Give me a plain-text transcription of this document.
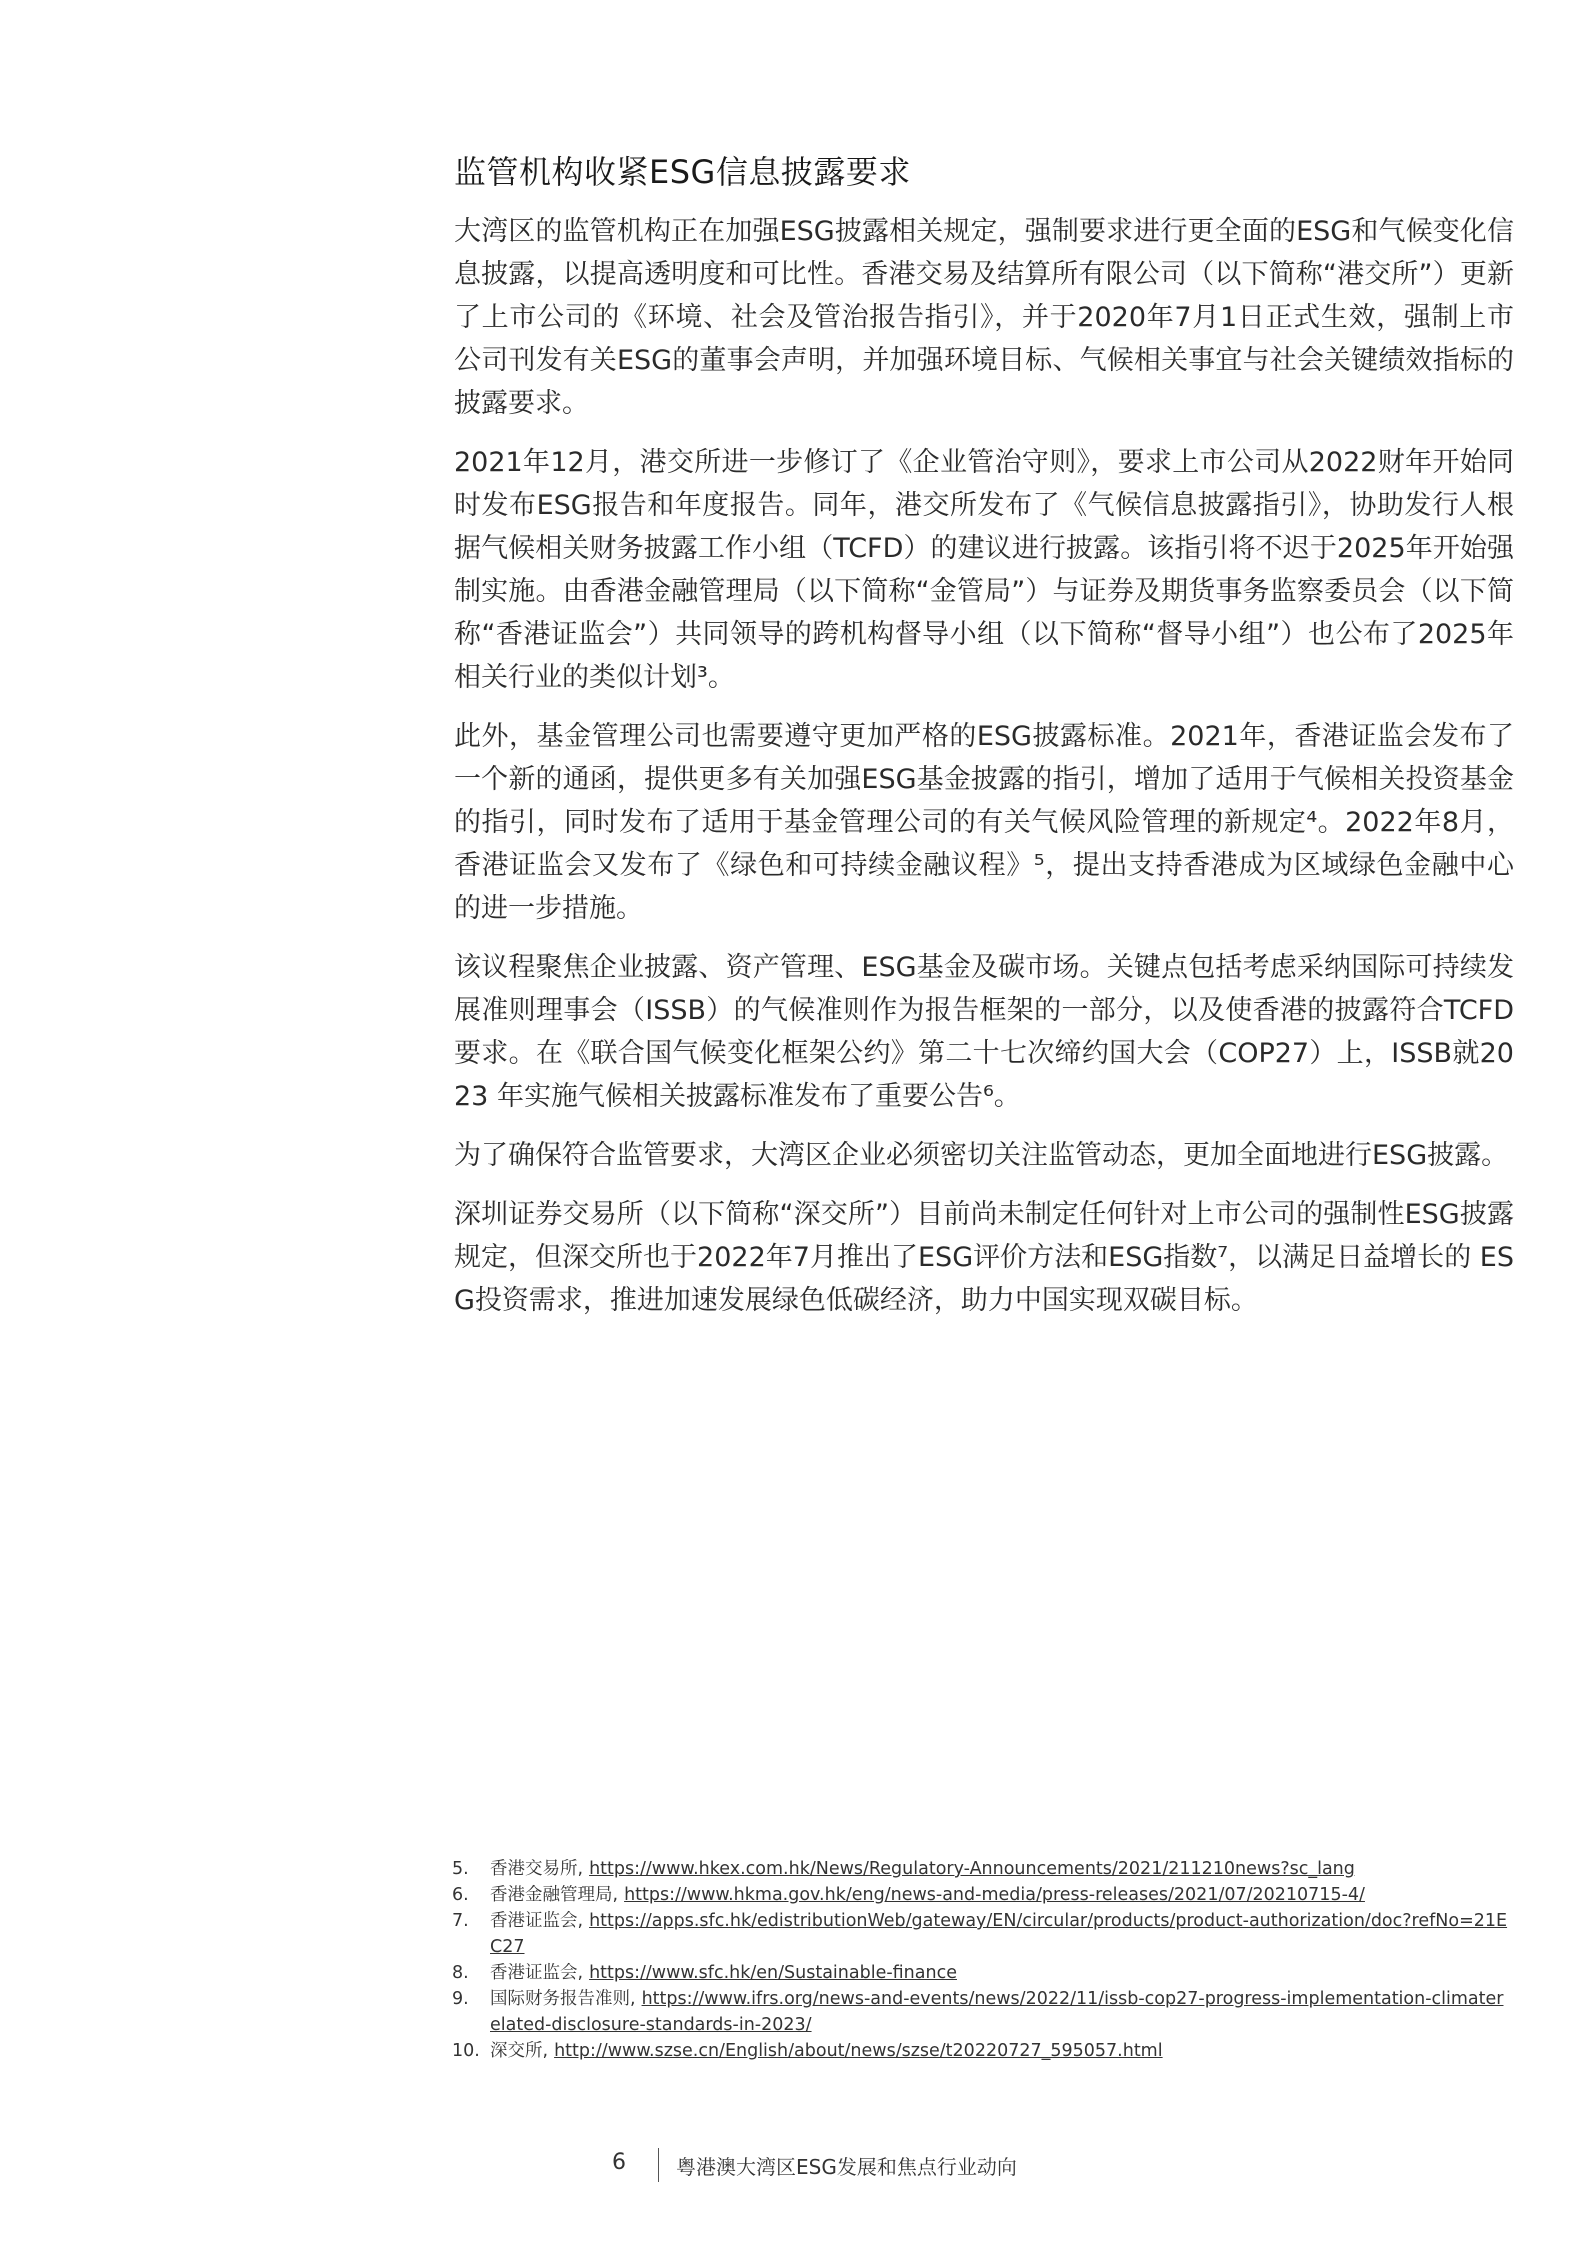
监管机构收紧ESG信息披露要求

大湾区的监管机构正在加强ESG披露相关规定，强制要求进行更全面的ESG和气候变化信息披露，以提高透明度和可比性。香港交易及结算所有限公司（以下简称“港交所”）更新了上市公司的《环境、社会及管治报告指引》，并于2020年7月1日正式生效，强制上市公司刊发有关ESG的董事会声明，并加强环境目标、气候相关事宜与社会关键绩效指标的披露要求。

2021年12月，港交所进一步修订了《企业管治守则》，要求上市公司从2022财年开始同时发布ESG报告和年度报告。同年，港交所发布了《气候信息披露指引》，协助发行人根据气候相关财务披露工作小组（TCFD）的建议进行披露。该指引将不迟于2025年开始强制实施。由香港金融管理局（以下简称“金管局”）与证券及期货事务监察委员会（以下简称“香港证监会”）共同领导的跨机构督导小组（以下简称“督导小组”）也公布了2025年相关行业的类似计划³。

此外，基金管理公司也需要遵守更加严格的ESG披露标准。2021年，香港证监会发布了一个新的通函，提供更多有关加强ESG基金披露的指引，增加了适用于气候相关投资基金的指引，同时发布了适用于基金管理公司的有关气候风险管理的新规定⁴。2022年8月，香港证监会又发布了《绿色和可持续金融议程》⁵，提出支持香港成为区域绿色金融中心的进一步措施。

该议程聚焦企业披露、资产管理、ESG基金及碳市场。关键点包括考虑采纳国际可持续发展准则理事会（ISSB）的气候准则作为报告框架的一部分，以及使香港的披露符合TCFD要求。在《联合国气候变化框架公约》第二十七次缔约国大会（COP27）上，ISSB就2023 年实施气候相关披露标准发布了重要公告⁶。

为了确保符合监管要求，大湾区企业必须密切关注监管动态，更加全面地进行ESG披露。

深圳证券交易所（以下简称“深交所”）目前尚未制定任何针对上市公司的强制性ESG披露规定，但深交所也于2022年7月推出了ESG评价方法和ESG指数⁷，以满足日益增长的 ESG投资需求，推进加速发展绿色低碳经济，助力中国实现双碳目标。

5.	香港交易所, https://www.hkex.com.hk/News/Regulatory-Announcements/2021/211210news?sc_lang
6.	香港金融管理局, https://www.hkma.gov.hk/eng/news-and-media/press-releases/2021/07/20210715-4/
7.	香港证监会, https://apps.sfc.hk/edistributionWeb/gateway/EN/circular/products/product-authorization/doc?refNo=21EC27
8.	香港证监会, https://www.sfc.hk/en/Sustainable-finance
9.	国际财务报告准则, https://www.ifrs.org/news-and-events/news/2022/11/issb-cop27-progress-implementation-climaterelated-disclosure-standards-in-2023/
10. 深交所, http://www.szse.cn/English/about/news/szse/t20220727_595057.html
6	粤港澳大湾区ESG发展和焦点行业动向
